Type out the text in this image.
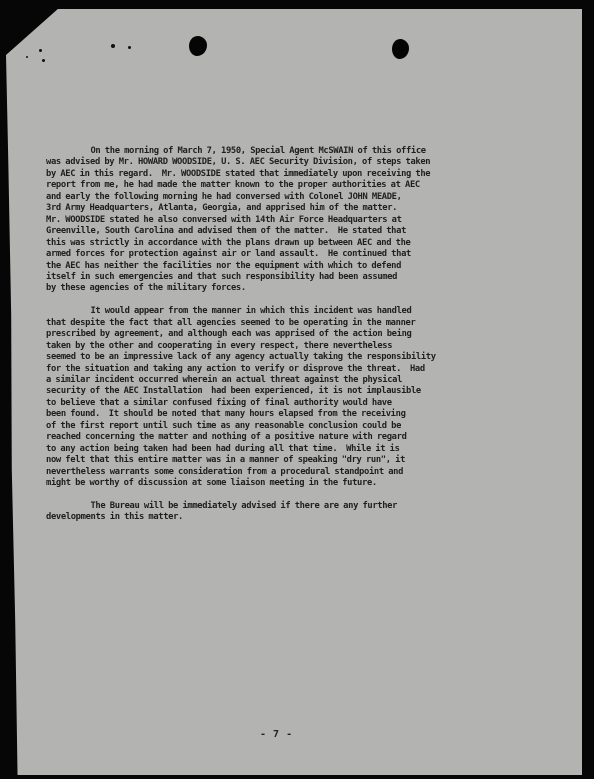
On the morning of March 7, 1950, Special Agent McSWAIN of this office
was advised by Mr. HOWARD WOODSIDE, U. S. AEC Security Division, of steps taken
by AEC in this regard.  Mr. WOODSIDE stated that immediately upon receiving the
report from me, he had made the matter known to the proper authorities at AEC
and early the following morning he had conversed with Colonel JOHN MEADE,
3rd Army Headquarters, Atlanta, Georgia, and apprised him of the matter.
Mr. WOODSIDE stated he also conversed with 14th Air Force Headquarters at
Greenville, South Carolina and advised them of the matter.  He stated that
this was strictly in accordance with the plans drawn up between AEC and the
armed forces for protection against air or land assault.  He continued that
the AEC has neither the facilities nor the equipment with which to defend
itself in such emergencies and that such responsibility had been assumed
by these agencies of the military forces.

It would appear from the manner in which this incident was handled
that despite the fact that all agencies seemed to be operating in the manner
prescribed by agreement, and although each was apprised of the action being
taken by the other and cooperating in every respect, there nevertheless
seemed to be an impressive lack of any agency actually taking the responsibility
for the situation and taking any action to verify or disprove the threat.  Had
a similar incident occurred wherein an actual threat against the physical
security of the AEC Installation  had been experienced, it is not implausible
to believe that a similar confused fixing of final authority would have
been found.  It should be noted that many hours elapsed from the receiving
of the first report until such time as any reasonable conclusion could be
reached concerning the matter and nothing of a positive nature with regard
to any action being taken had been had during all that time.  While it is
now felt that this entire matter was in a manner of speaking "dry run", it
nevertheless warrants some consideration from a procedural standpoint and
might be worthy of discussion at some liaison meeting in the future.

The Bureau will be immediately advised if there are any further
developments in this matter.

- 7 -
